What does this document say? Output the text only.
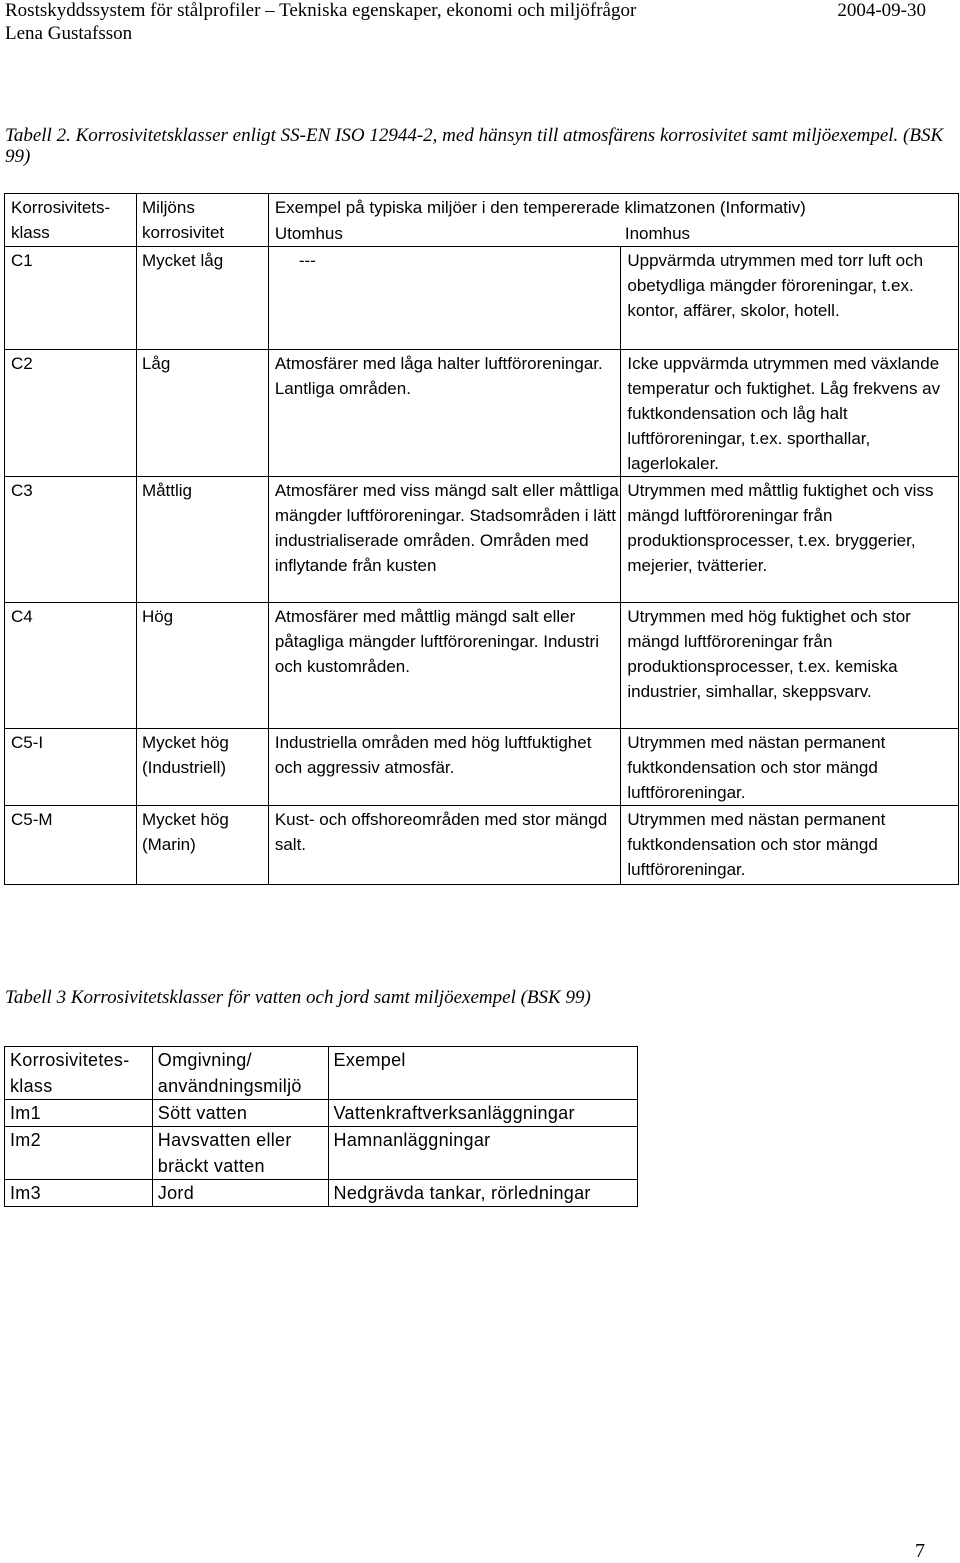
Rostskyddssystem för stålprofiler – Tekniska egenskaper, ekonomi och miljöfrågor	2004-09-30
Lena Gustafsson
Tabell 2. Korrosivitetsklasser enligt SS-EN ISO 12944-2, med hänsyn till atmosfärens korrosivitet samt miljöexempel. (BSK 99)
Korrosivitets-klass	Miljöns korrosivitet	Exempel på typiska miljöer i den tempererade klimatzonen (Informativ)	
		Utomhus	Inomhus
C1	Mycket låg	---	Uppvärmda utrymmen med torr luft och obetydliga mängder föroreningar, t.ex. kontor, affärer, skolor, hotell.
C2	Låg	Atmosfärer med låga halter luftföroreningar. Lantliga områden.	Icke uppvärmda utrymmen med växlande temperatur och fuktighet. Låg frekvens av fuktkondensation och låg halt luftföroreningar, t.ex. sporthallar, lagerlokaler.
C3	Måttlig	Atmosfärer med viss mängd salt eller måttliga mängder luftföroreningar. Stadsområden i lätt industrialiserade områden. Områden med inflytande från kusten	Utrymmen med måttlig fuktighet och viss mängd luftföroreningar från produktionsprocesser, t.ex. bryggerier, mejerier, tvätterier.
C4	Hög	Atmosfärer med måttlig mängd salt eller påtagliga mängder luftföroreningar. Industri och kustområden.	Utrymmen med hög fuktighet och stor mängd luftföroreningar från produktionsprocesser, t.ex. kemiska industrier, simhallar, skeppsvarv.
C5-I	Mycket hög (Industriell)	Industriella områden med hög luftfuktighet och aggressiv atmosfär.	Utrymmen med nästan permanent fuktkondensation och stor mängd luftföroreningar.
C5-M	Mycket hög (Marin)	Kust- och offshoreområden med stor mängd salt.	Utrymmen med nästan permanent fuktkondensation och stor mängd luftföroreningar.
Tabell 3 Korrosivitetsklasser för vatten och jord samt miljöexempel (BSK 99)
Korrosivitetes-klass	Omgivning/ användningsmiljö	Exempel
Im1	Sött vatten	Vattenkraftverksanläggningar
Im2	Havsvatten eller bräckt vatten	Hamnanläggningar
Im3	Jord	Nedgrävda tankar, rörledningar
7
